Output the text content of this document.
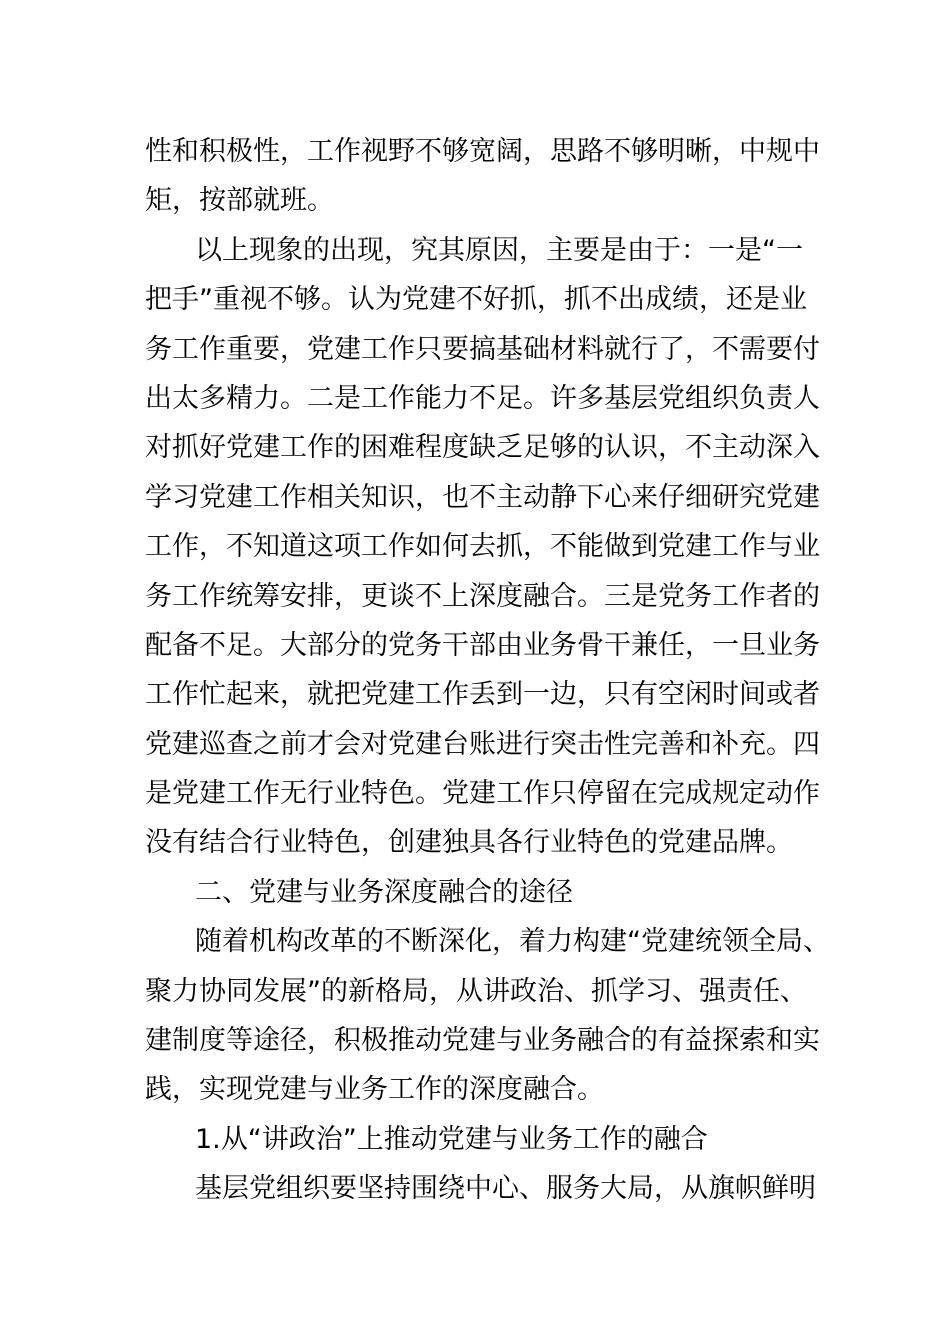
性和积极性，工作视野不够宽阔，思路不够明晰，中规中
矩，按部就班。
以上现象的出现，究其原因，主要是由于：一是“一
把手”重视不够。认为党建不好抓，抓不出成绩，还是业
务工作重要，党建工作只要搞基础材料就行了，不需要付
出太多精力。二是工作能力不足。许多基层党组织负责人
对抓好党建工作的困难程度缺乏足够的认识，不主动深入
学习党建工作相关知识，也不主动静下心来仔细研究党建
工作，不知道这项工作如何去抓，不能做到党建工作与业
务工作统筹安排，更谈不上深度融合。三是党务工作者的
配备不足。大部分的党务干部由业务骨干兼任，一旦业务
工作忙起来，就把党建工作丢到一边，只有空闲时间或者
党建巡查之前才会对党建台账进行突击性完善和补充。四
是党建工作无行业特色。党建工作只停留在完成规定动作
没有结合行业特色，创建独具各行业特色的党建品牌。
二、党建与业务深度融合的途径
随着机构改革的不断深化，着力构建“党建统领全局、
聚力协同发展”的新格局，从讲政治、抓学习、强责任、
建制度等途径，积极推动党建与业务融合的有益探索和实
践，实现党建与业务工作的深度融合。
1.从“讲政治”上推动党建与业务工作的融合
基层党组织要坚持围绕中心、服务大局，从旗帜鲜明
